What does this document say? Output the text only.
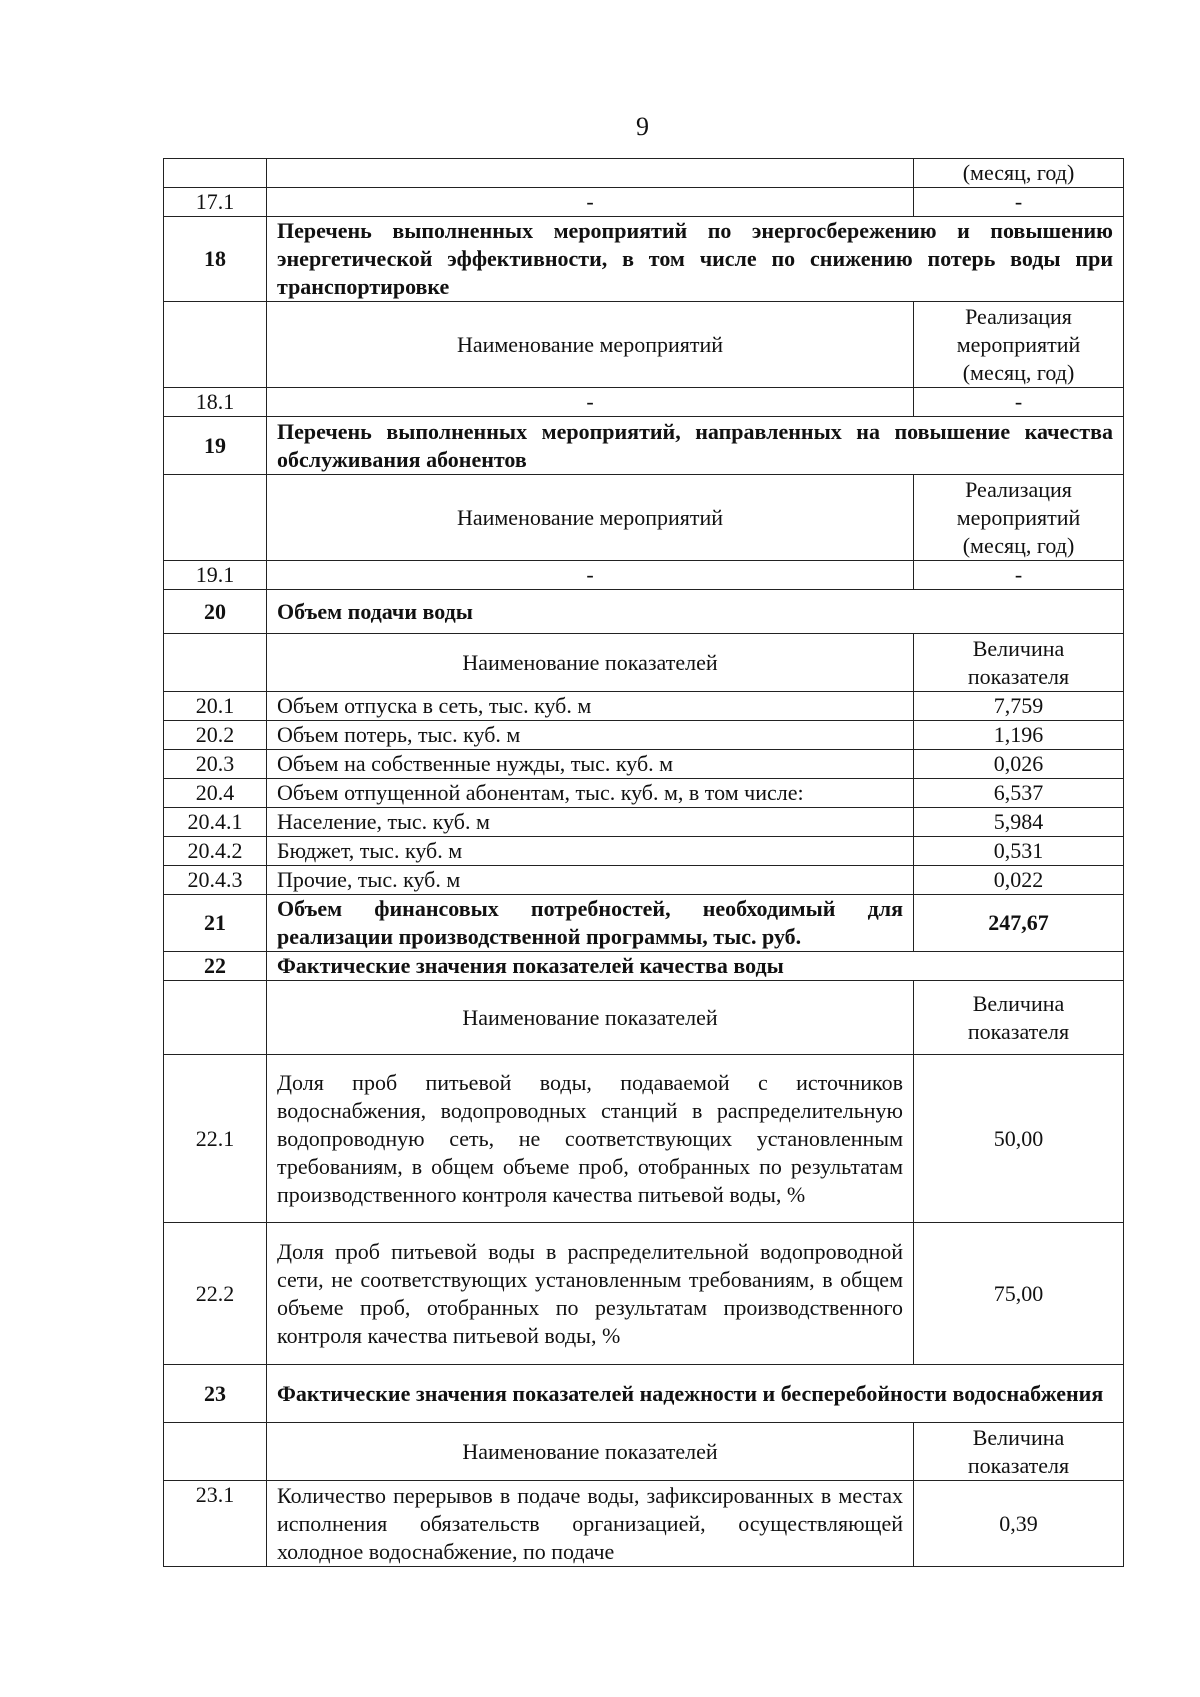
9
		(месяц, год)
17.1	-	-
18	Перечень выполненных мероприятий по энергосбережению и повышению энергетической эффективности, в том числе по снижению потерь воды при транспортировке	
	Наименование мероприятий	Реализация мероприятий (месяц, год)
18.1	-	-
19	Перечень выполненных мероприятий, направленных на повышение качества обслуживания абонентов	
	Наименование мероприятий	Реализация мероприятий (месяц, год)
19.1	-	-
20	Объем подачи воды	
	Наименование показателей	Величина показателя
20.1	Объем отпуска в сеть, тыс. куб. м	7,759
20.2	Объем потерь, тыс. куб. м	1,196
20.3	Объем на собственные нужды, тыс. куб. м	0,026
20.4	Объем отпущенной абонентам, тыс. куб. м, в том числе:	6,537
20.4.1	Население, тыс. куб. м	5,984
20.4.2	Бюджет, тыс. куб. м	0,531
20.4.3	Прочие, тыс. куб. м	0,022
21	Объем финансовых потребностей, необходимый для реализации производственной программы, тыс. руб.	247,67
22	Фактические значения показателей качества воды	
	Наименование показателей	Величина показателя
22.1	Доля проб питьевой воды, подаваемой с источников водоснабжения, водопроводных станций в распределительную водопроводную сеть, не соответствующих установленным требованиям, в общем объеме проб, отобранных по результатам производственного контроля качества питьевой воды, %	50,00
22.2	Доля проб питьевой воды в распределительной водопроводной сети, не соответствующих установленным требованиям, в общем объеме проб, отобранных по результатам производственного контроля качества питьевой воды, %	75,00
23	Фактические значения показателей надежности и бесперебойности водоснабжения	
	Наименование показателей	Величина показателя
23.1	Количество перерывов в подаче воды, зафиксированных в местах исполнения обязательств организацией, осуществляющей холодное водоснабжение, по подаче	0,39
